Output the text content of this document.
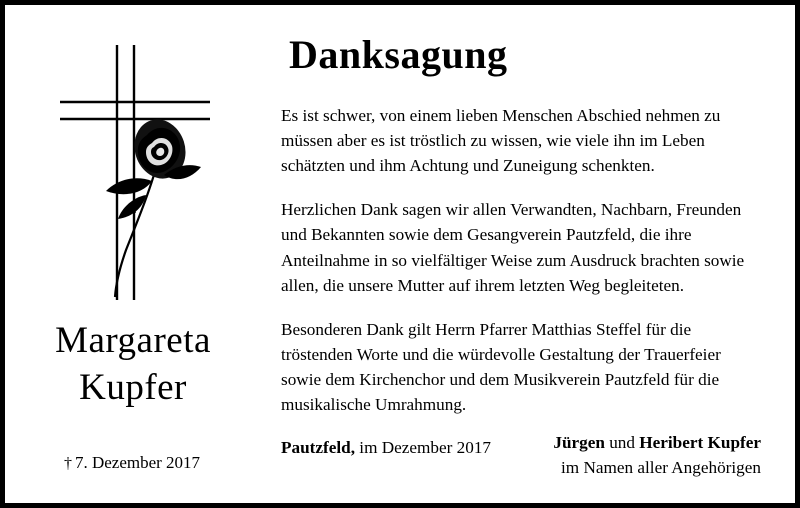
Margareta
Kupfer
† 7. Dezember 2017
Danksagung

Es ist schwer, von einem lieben Menschen Abschied nehmen zu müssen aber es ist tröstlich zu wissen, wie viele ihn im Leben schätzten und ihm Achtung und Zuneigung schenkten.

Herzlichen Dank sagen wir allen Verwandten, Nachbarn, Freunden und Bekannten sowie dem Gesangverein Pautzfeld, die ihre Anteilnahme in so vielfältiger Weise zum Ausdruck brachten sowie allen, die unsere Mutter auf ihrem letzten Weg begleiteten.

Besonderen Dank gilt Herrn Pfarrer Matthias Steffel für die tröstenden Worte und die würdevolle Gestaltung der Trauerfeier sowie dem Kirchenchor und dem Musikverein Pautzfeld für die musikalische Umrahmung.

Pautzfeld, im Dezember 2017	Jürgen und Heribert Kupfer
im Namen aller Angehörigen
